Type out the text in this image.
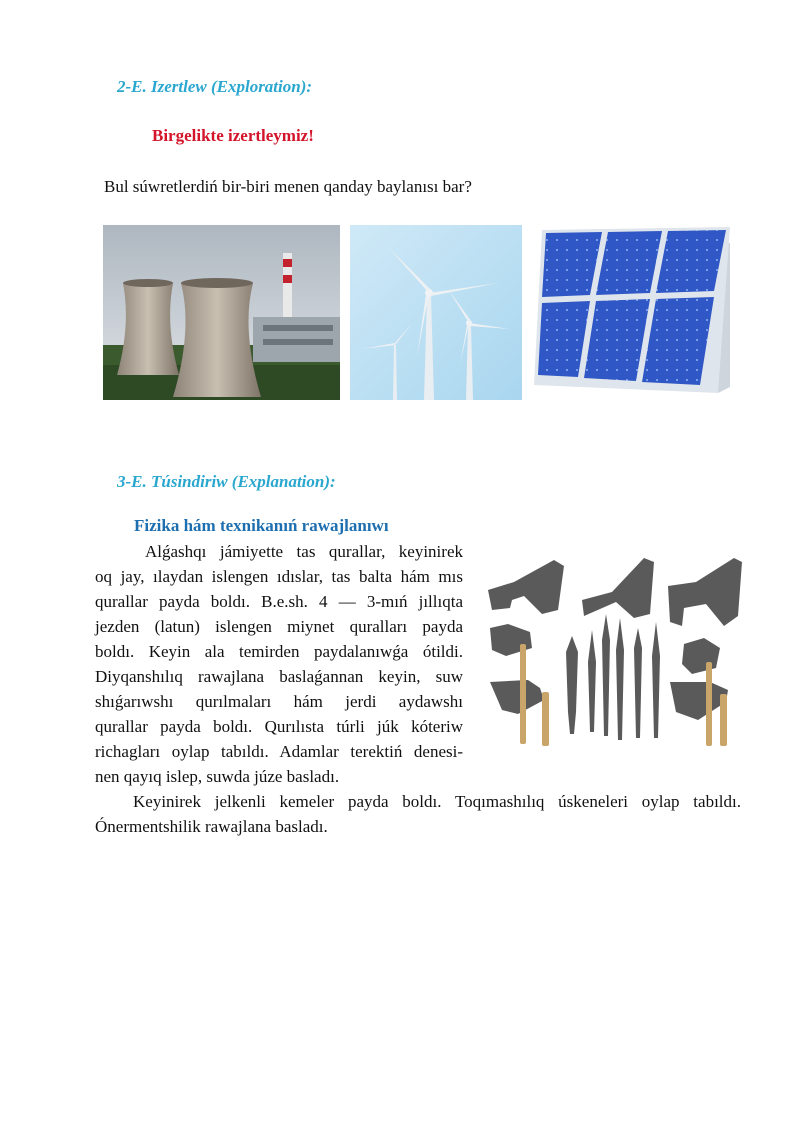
2-E. Izertlew (Exploration):
Birgelikte izertleymiz!
Bul súwretlerdiń bir-biri menen qanday baylanısı bar?
3-E. Túsindiriw (Explanation):
Fizika hám texnikanıń rawajlanıwı
Alǵashqı jámiyette tas qurallar, keyinirek
oq jay, ılaydan islengen ıdıslar, tas balta hám mıs
qurallar payda boldı. B.e.sh. 4 — 3-mıń jıllıqta
jezden (latun) islengen miynet quralları payda
boldı. Keyin ala temirden paydalanıwǵa ótildi.
Diyqanshılıq rawajlana baslaǵannan keyin, suw
shıǵarıwshı qurılmaları hám jerdi aydawshı
qurallar payda boldı. Qurılısta túrli júk kóteriw
richagları oylap tabıldı. Adamlar terektiń denesi-
nen qayıq islep, suwda júze basladı.
Keyinirek jelkenli kemeler payda boldı. Toqımashılıq úskeneleri oylap tabıldı.
Ónermentshilik rawajlana basladı.
